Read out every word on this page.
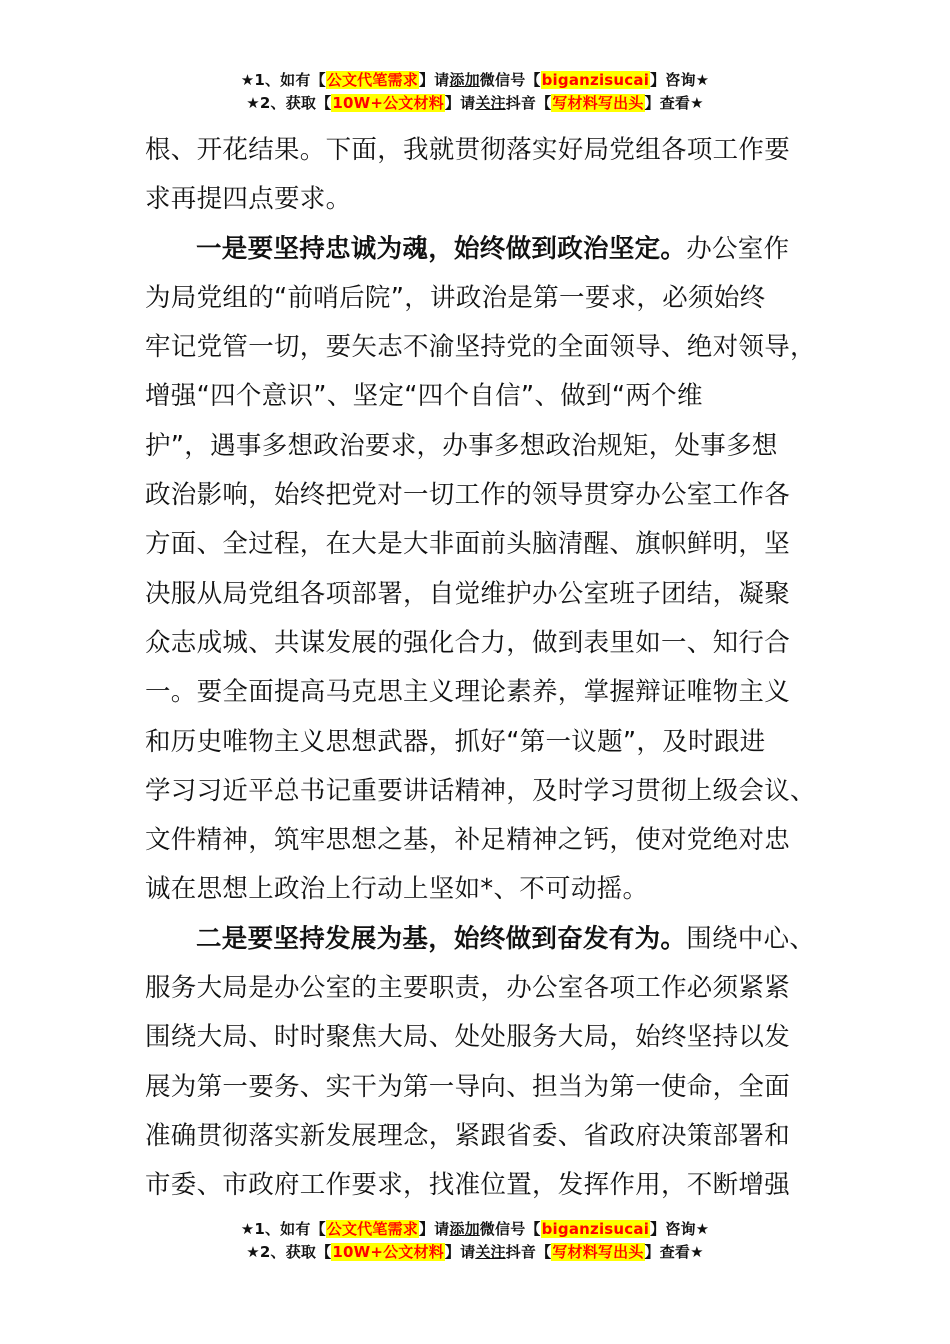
★1、如有【公文代笔需求】请添加微信号【biganzisucai】咨询★
★2、获取【10W+公文材料】请关注抖音【写材料写出头】查看★
根、开花结果。下面，我就贯彻落实好局党组各项工作要
求再提四点要求。
一是要坚持忠诚为魂，始终做到政治坚定。办公室作
为局党组的“前哨后院”，讲政治是第一要求，必须始终
牢记党管一切，要矢志不渝坚持党的全面领导、绝对领导，
增强“四个意识”、坚定“四个自信”、做到“两个维
护”，遇事多想政治要求，办事多想政治规矩，处事多想
政治影响，始终把党对一切工作的领导贯穿办公室工作各
方面、全过程，在大是大非面前头脑清醒、旗帜鲜明，坚
决服从局党组各项部署，自觉维护办公室班子团结，凝聚
众志成城、共谋发展的强化合力，做到表里如一、知行合
一。要全面提高马克思主义理论素养，掌握辩证唯物主义
和历史唯物主义思想武器，抓好“第一议题”，及时跟进
学习习近平总书记重要讲话精神，及时学习贯彻上级会议、
文件精神，筑牢思想之基，补足精神之钙，使对党绝对忠
诚在思想上政治上行动上坚如*、不可动摇。
二是要坚持发展为基，始终做到奋发有为。围绕中心、
服务大局是办公室的主要职责，办公室各项工作必须紧紧
围绕大局、时时聚焦大局、处处服务大局，始终坚持以发
展为第一要务、实干为第一导向、担当为第一使命，全面
准确贯彻落实新发展理念，紧跟省委、省政府决策部署和
市委、市政府工作要求，找准位置，发挥作用，不断增强
★1、如有【公文代笔需求】请添加微信号【biganzisucai】咨询★
★2、获取【10W+公文材料】请关注抖音【写材料写出头】查看★
